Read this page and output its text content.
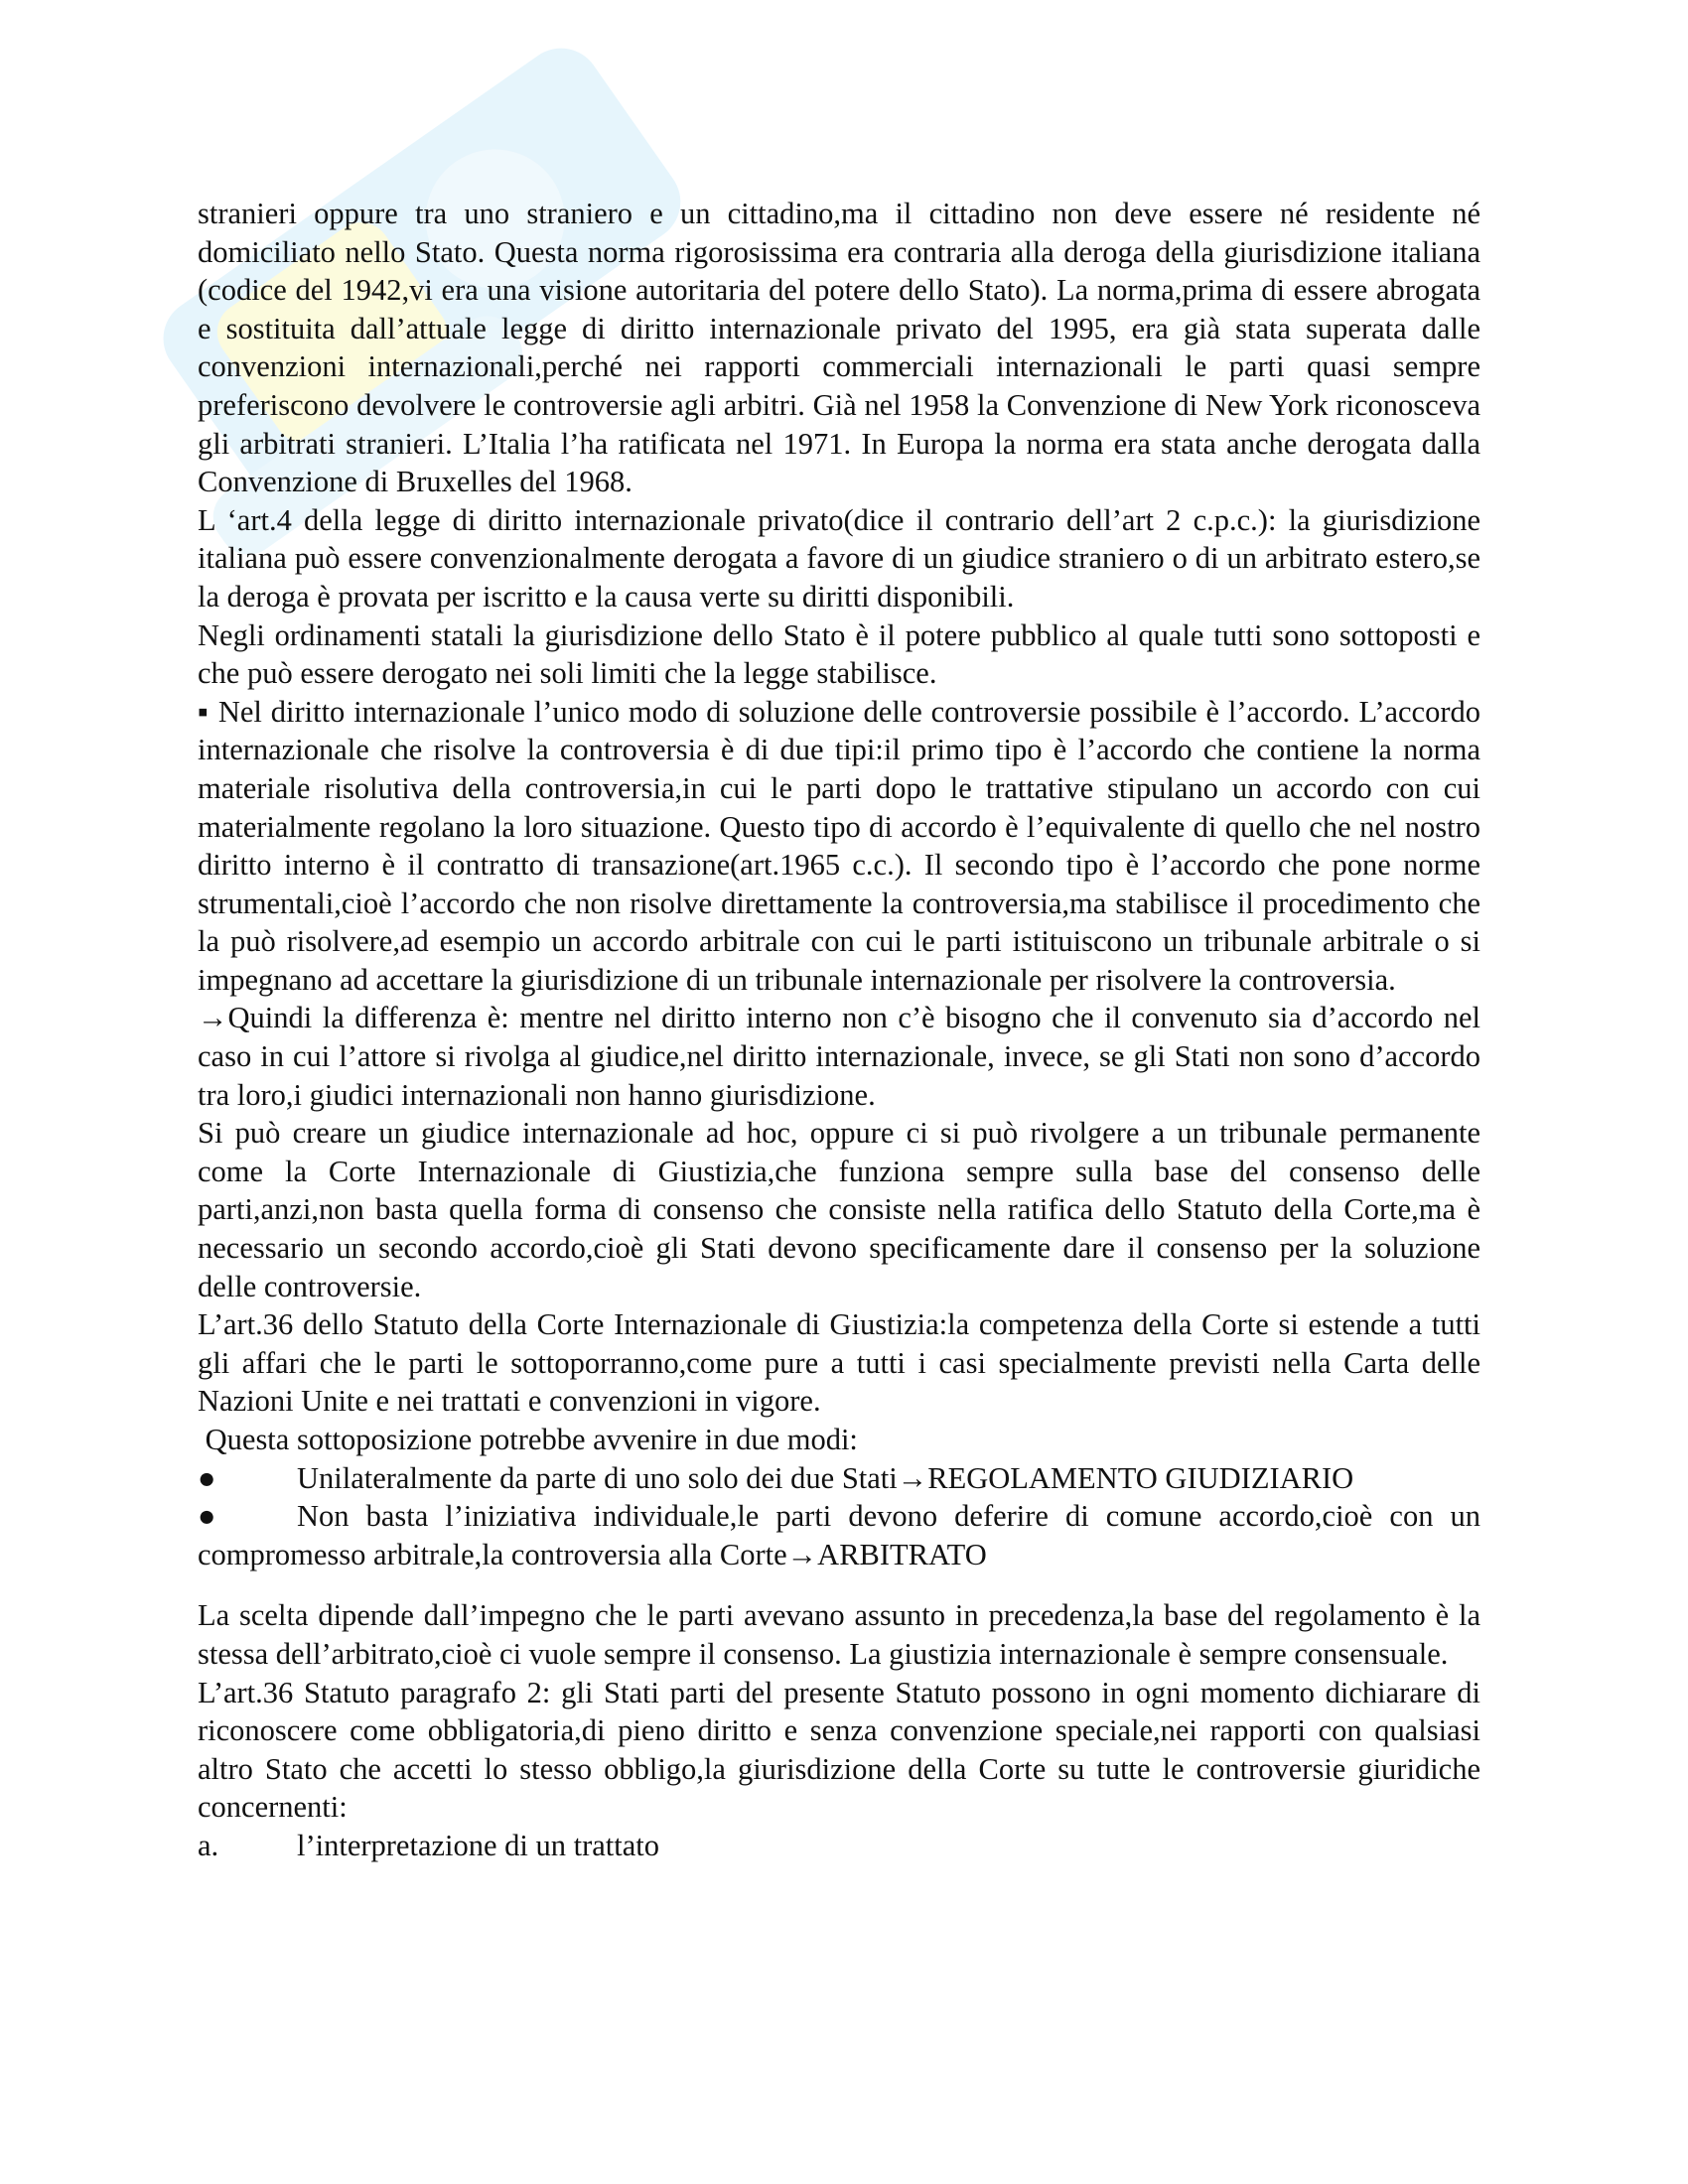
stranieri oppure tra uno straniero e un cittadino,ma il cittadino non deve essere né residente né domiciliato nello Stato. Questa norma rigorosissima era contraria alla deroga della giurisdizione italiana (codice del 1942,vi era una visione autoritaria del potere dello Stato). La norma,prima di essere abrogata e sostituita dall’attuale legge di diritto internazionale privato del 1995, era già stata superata dalle convenzioni internazionali,perché nei rapporti commerciali internazionali le parti quasi sempre preferiscono devolvere le controversie agli arbitri. Già nel 1958 la Convenzione di New York riconosceva gli arbitrati stranieri. L’Italia l’ha ratificata nel 1971. In Europa la norma era stata anche derogata dalla Convenzione di Bruxelles del 1968.

L ‘art.4 della legge di diritto internazionale privato(dice il contrario dell’art 2 c.p.c.): la giurisdizione italiana può essere convenzionalmente derogata a favore di un giudice straniero o di un arbitrato estero,se la deroga è provata per iscritto e la causa verte su diritti disponibili.

Negli ordinamenti statali la giurisdizione dello Stato è il potere pubblico al quale tutti sono sottoposti e che può essere derogato nei soli limiti che la legge stabilisce.

▪ Nel diritto internazionale l’unico modo di soluzione delle controversie possibile è l’accordo. L’accordo internazionale che risolve la controversia è di due tipi:il primo tipo è l’accordo che contiene la norma materiale risolutiva della controversia,in cui le parti dopo le trattative stipulano un accordo con cui materialmente regolano la loro situazione. Questo tipo di accordo è l’equivalente di quello che nel nostro diritto interno è il contratto di transazione(art.1965 c.c.). Il secondo tipo è l’accordo che pone norme strumentali,cioè l’accordo che non risolve direttamente la controversia,ma stabilisce il procedimento che la può risolvere,ad esempio un accordo arbitrale con cui le parti istituiscono un tribunale arbitrale o si impegnano ad accettare la giurisdizione di un tribunale internazionale per risolvere la controversia.

→Quindi la differenza è: mentre nel diritto interno non c’è bisogno che il convenuto sia d’accordo nel caso in cui l’attore si rivolga al giudice,nel diritto internazionale, invece, se gli Stati non sono d’accordo tra loro,i giudici internazionali non hanno giurisdizione.

Si può creare un giudice internazionale ad hoc, oppure ci si può rivolgere a un tribunale permanente come la Corte Internazionale di Giustizia,che funziona sempre sulla base del consenso delle parti,anzi,non basta quella forma di consenso che consiste nella ratifica dello Statuto della Corte,ma è necessario un secondo accordo,cioè gli Stati devono specificamente dare il consenso per la soluzione delle controversie.

L’art.36 dello Statuto della Corte Internazionale di Giustizia:la competenza della Corte si estende a tutti gli affari che le parti le sottoporranno,come pure a tutti i casi specialmente previsti nella Carta delle Nazioni Unite e nei trattati e convenzioni in vigore.

Questa sottoposizione potrebbe avvenire in due modi:

●	Unilateralmente da parte di uno solo dei due Stati→REGOLAMENTO GIUDIZIARIO

●	Non basta l’iniziativa individuale,le parti devono deferire di comune accordo,cioè con un compromesso arbitrale,la controversia alla Corte→ARBITRATO

La scelta dipende dall’impegno che le parti avevano assunto in precedenza,la base del regolamento è la stessa dell’arbitrato,cioè ci vuole sempre il consenso. La giustizia internazionale è sempre consensuale.

L’art.36 Statuto paragrafo 2: gli Stati parti del presente Statuto possono in ogni momento dichiarare di riconoscere come obbligatoria,di pieno diritto e senza convenzione speciale,nei rapporti con qualsiasi altro Stato che accetti lo stesso obbligo,la giurisdizione della Corte su tutte le controversie giuridiche concernenti:

a.	l’interpretazione di un trattato
